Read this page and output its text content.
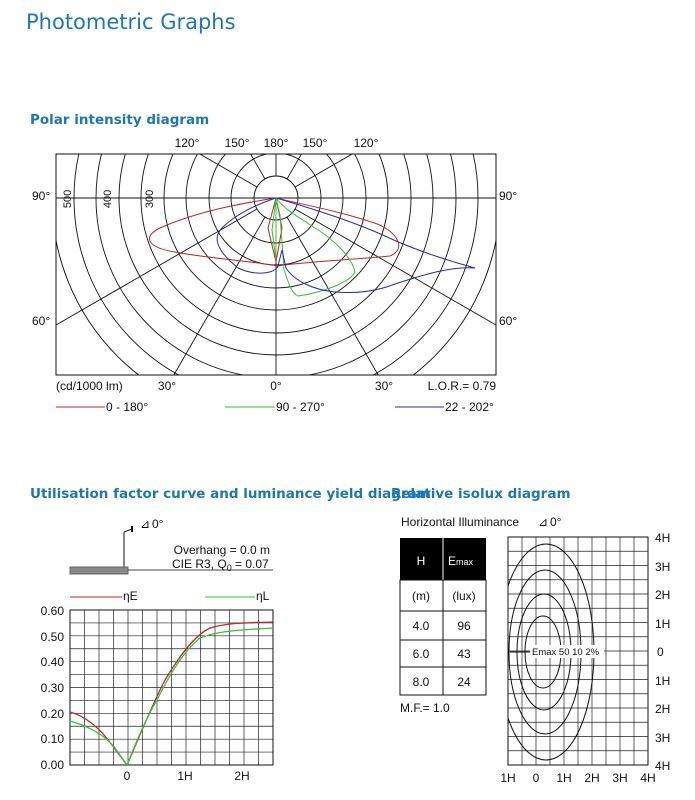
Photometric Graphs
Polar intensity diagram
Utilisation factor curve and luminance yield diagram
Relative isolux diagram
120° 150° 180° 150° 120°
90°	90°
60°	60°
500	400	300
(cd/1000 lm)	30°	0°	30°	L.O.R.= 0.79
0 - 180°	90 - 270°	22 - 202°
⊿ 0°
Overhang = 0.0 m
CIE R3, $Q_0 = 0.07$
ηE	ηL
0.60
0.50
0.40
0.30
0.20
0.10
0.00
0	1H	2H
Horizontal Illuminance ⊿ 0°
H Emax
(m) (lux)
4.0 96
6.0 43
8.0 24
M.F.= 1.0
Emax 50 10 2%
4H
3H
2H
1H
0
1H
2H
3H
4H
1H 0 1H 2H 3H 4H
